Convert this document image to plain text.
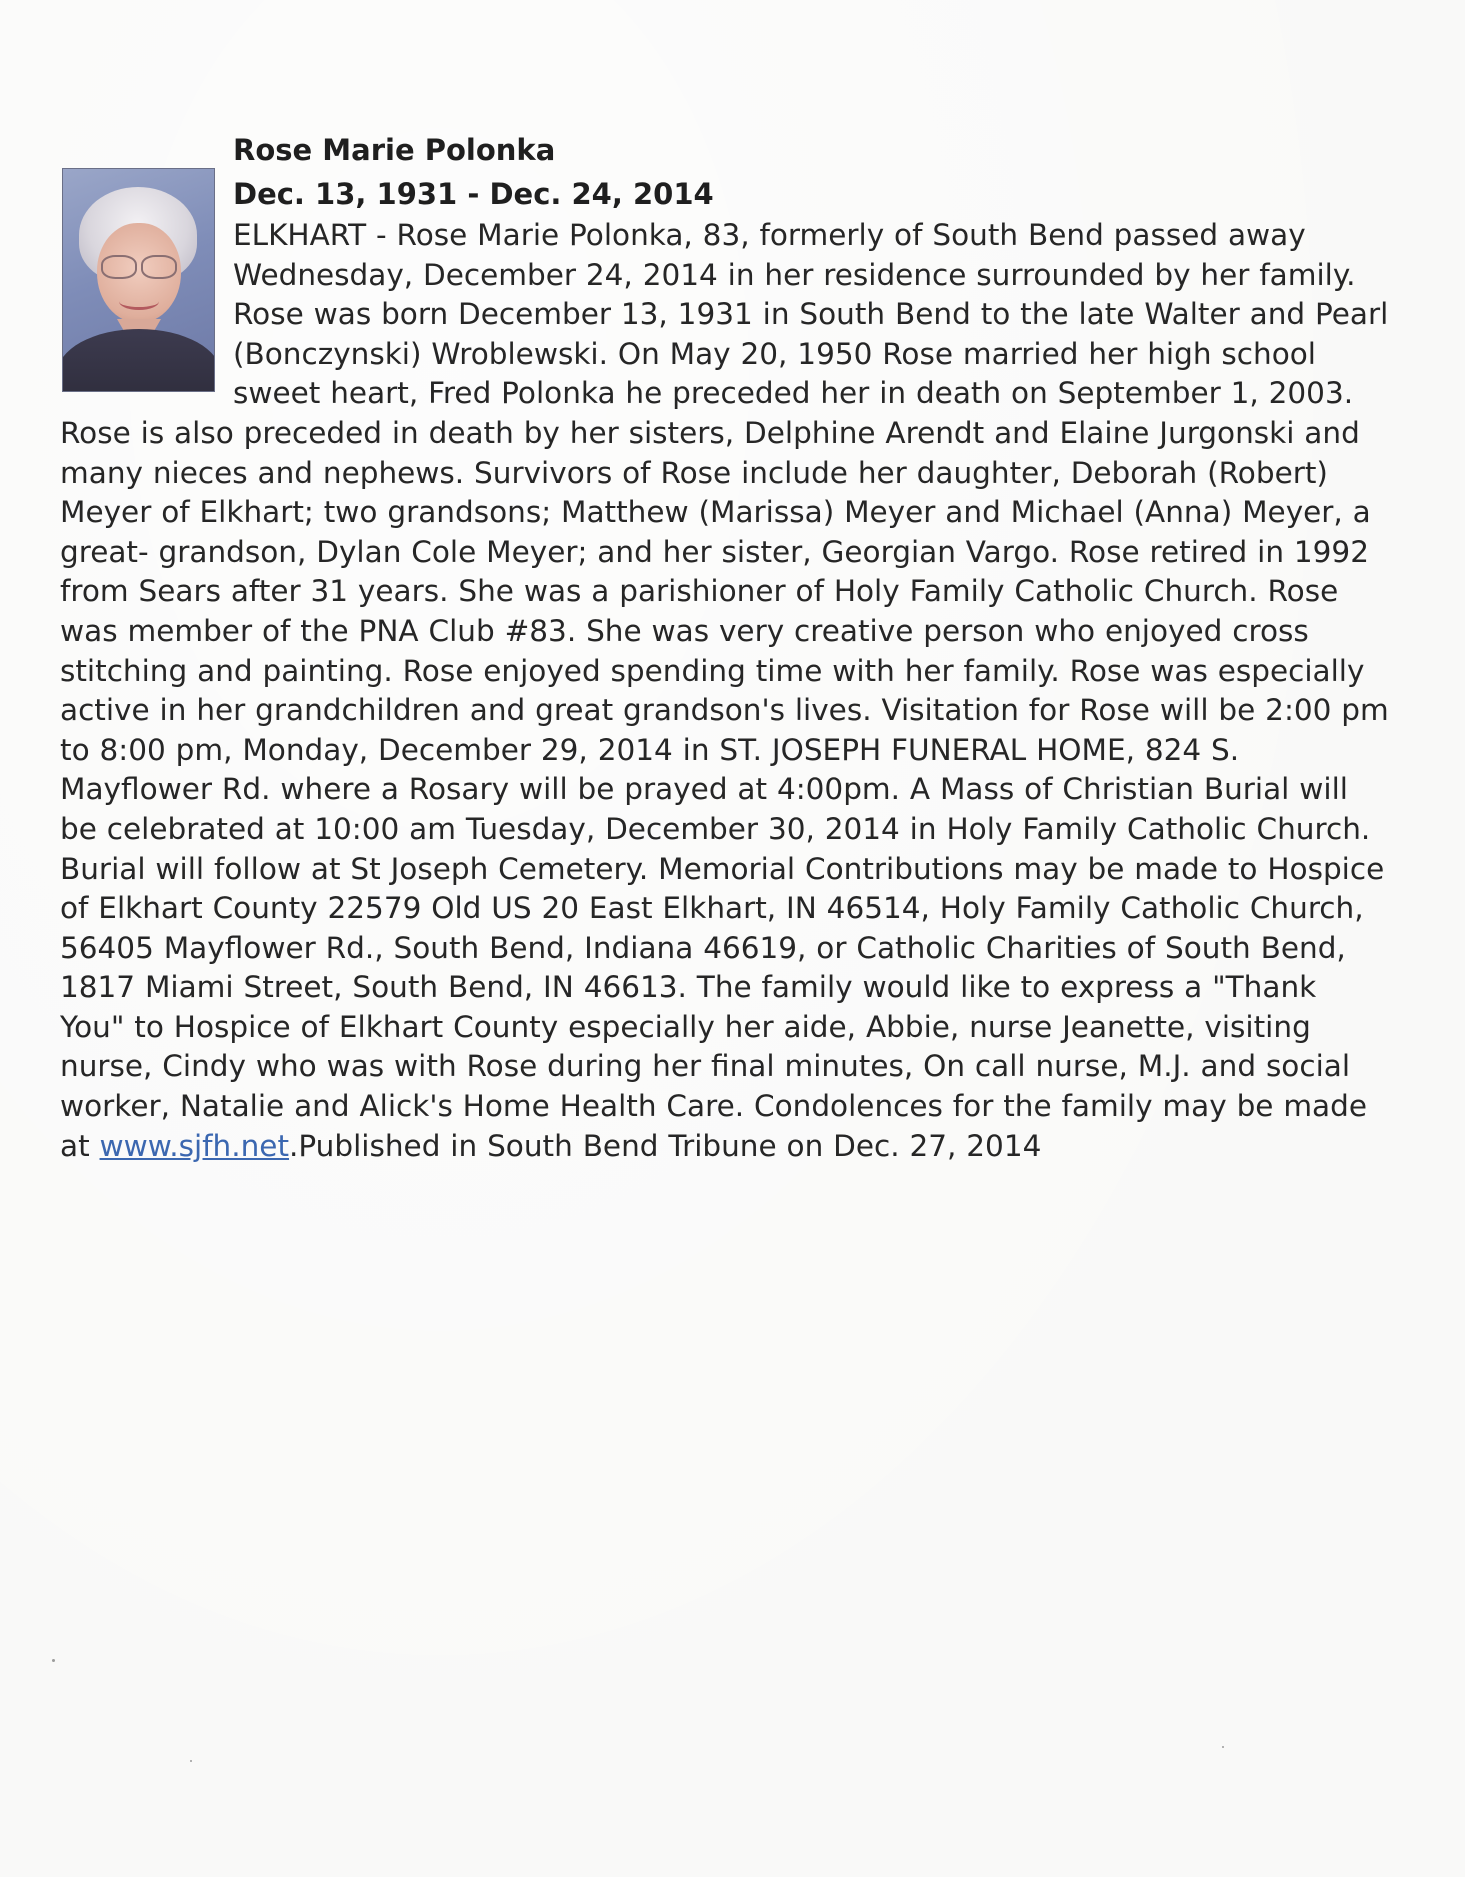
Rose Marie Polonka
Dec. 13, 1931 - Dec. 24, 2014

ELKHART - Rose Marie Polonka, 83, formerly of South Bend passed away Wednesday, December 24, 2014 in her residence surrounded by her family. Rose was born December 13, 1931 in South Bend to the late Walter and Pearl (Bonczynski) Wroblewski. On May 20, 1950 Rose married her high school sweet heart, Fred Polonka he preceded her in death on September 1, 2003. Rose is also preceded in death by her sisters, Delphine Arendt and Elaine Jurgonski and many nieces and nephews. Survivors of Rose include her daughter, Deborah (Robert) Meyer of Elkhart; two grandsons; Matthew (Marissa) Meyer and Michael (Anna) Meyer, a great- grandson, Dylan Cole Meyer; and her sister, Georgian Vargo. Rose retired in 1992 from Sears after 31 years. She was a parishioner of Holy Family Catholic Church. Rose was member of the PNA Club #83. She was very creative person who enjoyed cross stitching and painting. Rose enjoyed spending time with her family. Rose was especially active in her grandchildren and great grandson's lives. Visitation for Rose will be 2:00 pm to 8:00 pm, Monday, December 29, 2014 in ST. JOSEPH FUNERAL HOME, 824 S. Mayflower Rd. where a Rosary will be prayed at 4:00pm. A Mass of Christian Burial will be celebrated at 10:00 am Tuesday, December 30, 2014 in Holy Family Catholic Church. Burial will follow at St Joseph Cemetery. Memorial Contributions may be made to Hospice of Elkhart County 22579 Old US 20 East Elkhart, IN 46514, Holy Family Catholic Church, 56405 Mayflower Rd., South Bend, Indiana 46619, or Catholic Charities of South Bend, 1817 Miami Street, South Bend, IN 46613. The family would like to express a "Thank You" to Hospice of Elkhart County especially her aide, Abbie, nurse Jeanette, visiting nurse, Cindy who was with Rose during her final minutes, On call nurse, M.J. and social worker, Natalie and Alick's Home Health Care. Condolences for the family may be made at www.sjfh.net.Published in South Bend Tribune on Dec. 27, 2014
